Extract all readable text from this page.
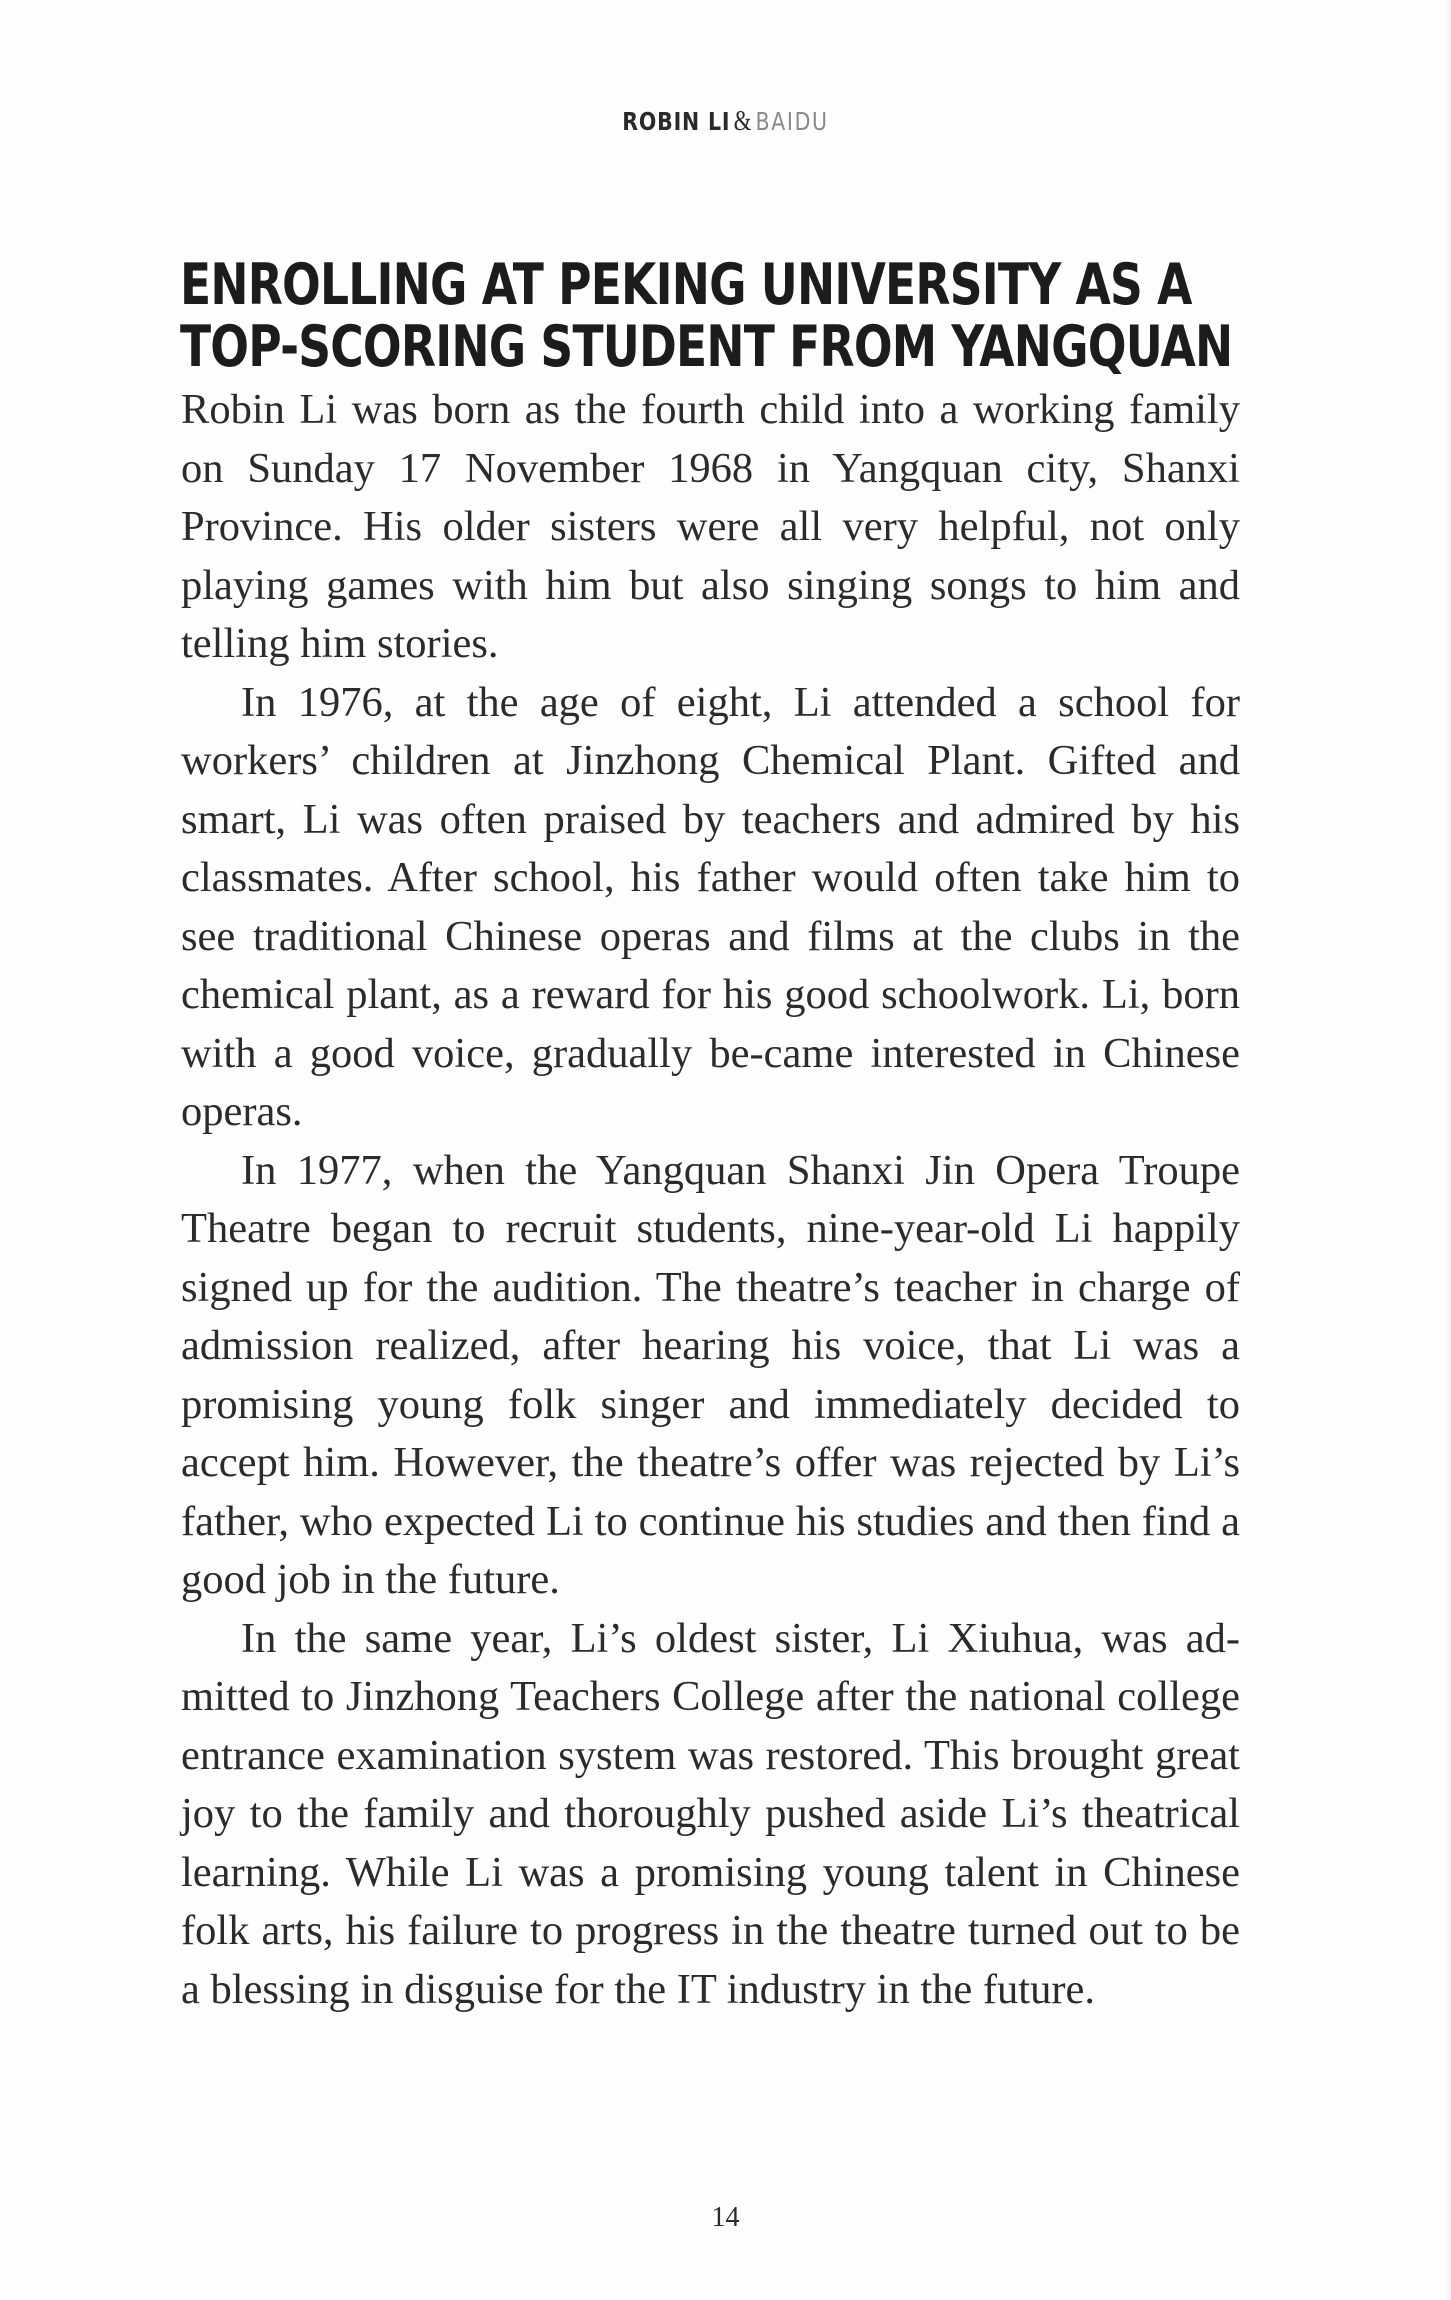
ROBIN LI & BAIDU
ENROLLING AT PEKING UNIVERSITY AS A
TOP-SCORING STUDENT FROM YANGQUAN

Robin Li was born as the fourth child into a working family on Sunday 17 November 1968 in Yangquan city, Shanxi Province. His older sisters were all very helpful, not only playing games with him but also singing songs to him and telling him stories.

In 1976, at the age of eight, Li attended a school for workers’ children at Jinzhong Chemical Plant. Gifted and smart, Li was often praised by teachers and admired by his classmates. After school, his father would often take him to see traditional Chinese operas and films at the clubs in the chemical plant, as a reward for his good schoolwork. Li, born with a good voice, gradually be-came interested in Chinese operas.

In 1977, when the Yangquan Shanxi Jin Opera Troupe Theatre began to recruit students, nine-year-old Li happily signed up for the audition. The theatre’s teacher in charge of admission realized, after hearing his voice, that Li was a promising young folk singer and immediately decided to accept him. However, the theatre’s offer was rejected by Li’s father, who expected Li to continue his studies and then find a good job in the future.

In the same year, Li’s oldest sister, Li Xiuhua, was ad-mitted to Jinzhong Teachers College after the national college entrance examination system was restored. This brought great joy to the family and thoroughly pushed aside Li’s theatrical learning. While Li was a promising young talent in Chinese folk arts, his failure to progress in the theatre turned out to be a blessing in disguise for the IT industry in the future.

14
